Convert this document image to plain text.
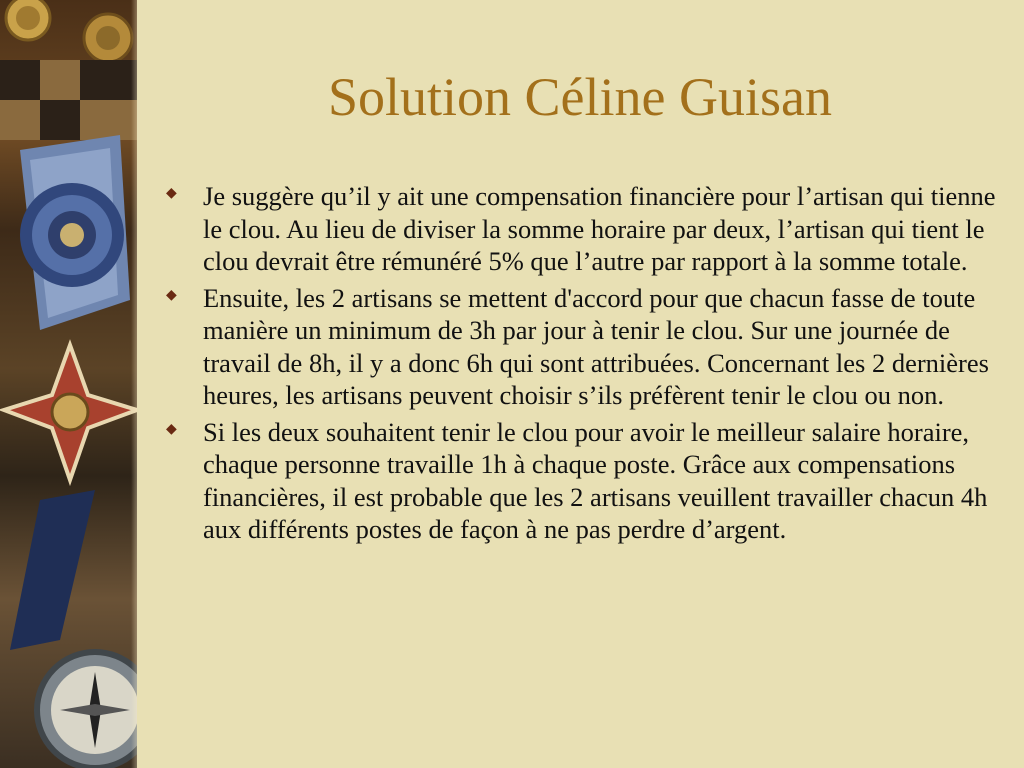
Solution Céline Guisan
◆ Je suggère qu’il y ait une compensation financière pour l’artisan qui tienne le clou. Au lieu de diviser la somme horaire par deux, l’artisan qui tient le clou devrait être rémunéré 5% que l’autre par rapport à la somme totale.
◆ Ensuite, les 2 artisans se mettent d'accord pour que chacun fasse de toute manière un minimum de 3h par jour à tenir le clou. Sur une journée de travail de 8h, il y a donc 6h qui sont attribuées. Concernant les 2 dernières heures, les artisans peuvent choisir s’ils préfèrent tenir le clou ou non.
◆ Si les deux souhaitent tenir le clou pour avoir le meilleur salaire horaire, chaque personne travaille 1h à chaque poste. Grâce aux compensations financières, il est probable que les 2 artisans veuillent travailler chacun 4h aux différents postes de façon à ne pas perdre d’argent.
